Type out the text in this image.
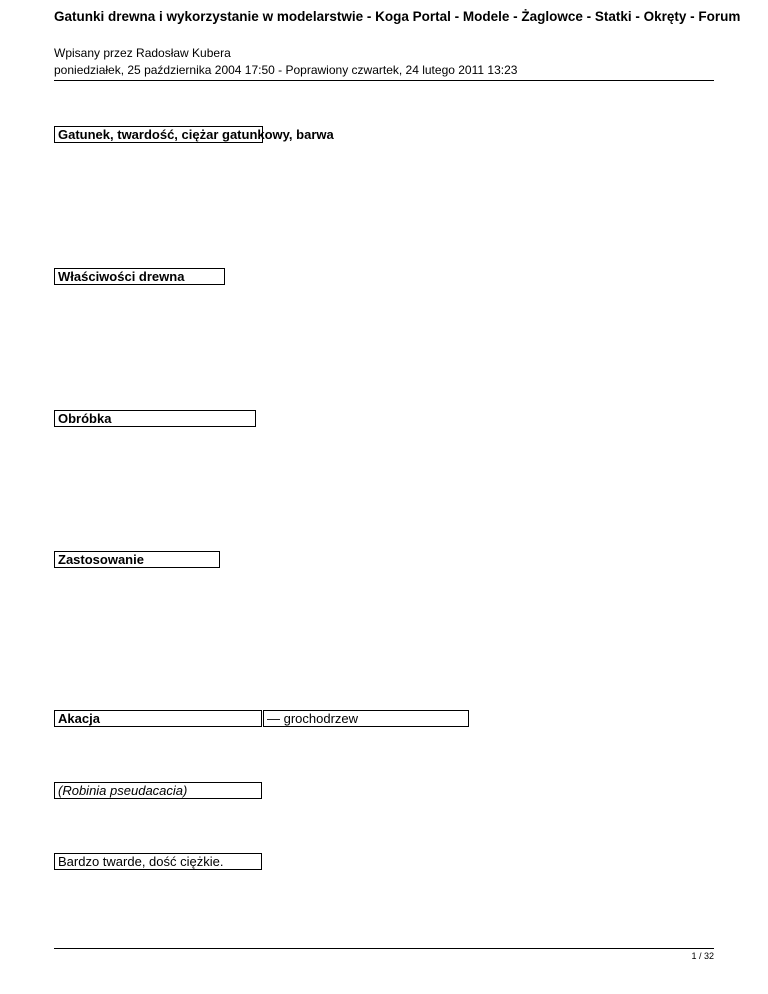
Gatunki drewna i wykorzystanie w modelarstwie - Koga Portal - Modele - Żaglowce - Statki - Okręty - Forum
Wpisany przez Radosław Kubera
poniedziałek, 25 października 2004 17:50 - Poprawiony czwartek, 24 lutego 2011 13:23
Gatunek, twardość, ciężar gatunkowy, barwa
Właściwości drewna
Obróbka
Zastosowanie
Akacja	— grochodrzew
(Robinia pseudacacia)
Bardzo twarde, dość ciężkie.
1 / 32
